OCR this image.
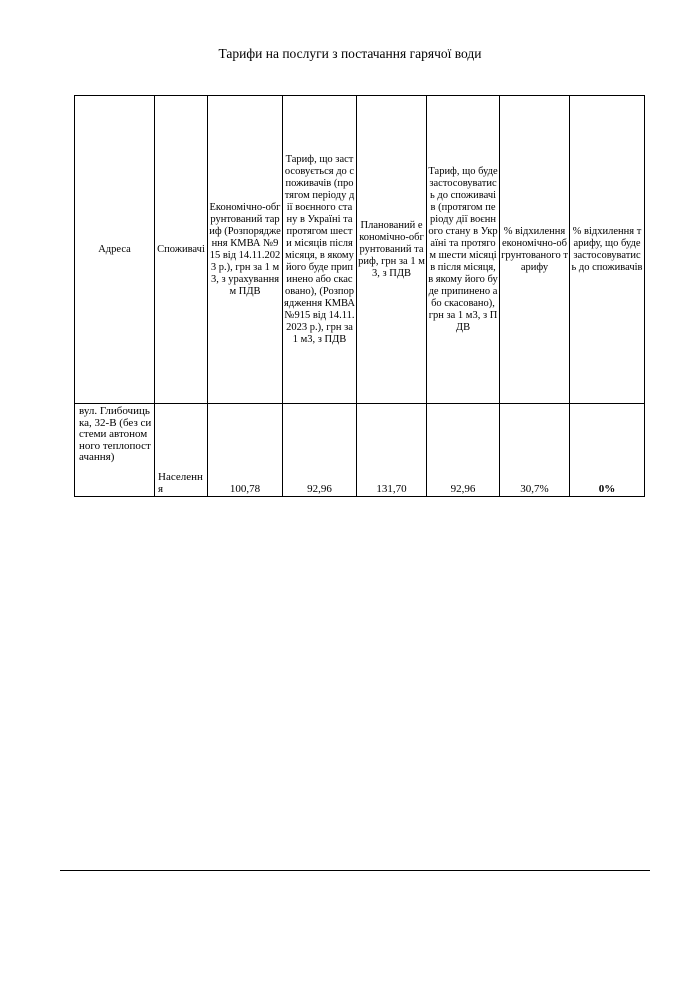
Тарифи на послуги з постачання гарячої води
Адреса	Споживачі	Економічно-обгрунтований тариф (Розпорядження КМВА №915 від 14.11.2023 р.), грн за 1 м3, з урахуванням ПДВ	Тариф, що застосовується до споживачів (протягом періоду дії воєнного стану в Україні та протягом шести місяців після місяця, в якому його буде припинено або скасовано), (Розпорядження КМВА №915 від 14.11.2023 р.), грн за 1 м3, з ПДВ	Планований економічно-обгрунтований тариф, грн за 1 м3, з ПДВ	Тариф, що буде застосовуватись до споживачів (протягом періоду дії воєнного стану в Україні та протягом шести місяців після місяця, в якому його буде припинено або скасовано), грн за 1 м3, з ПДВ	% відхилення економічно-обгрунтованого тарифу	% відхилення тарифу, що буде застосовуватись до споживачів
вул. Глибочицька, 32-В (без системи автономного теплопостачання)	Населення	100,78	92,96	131,70	92,96	30,7%	0%
